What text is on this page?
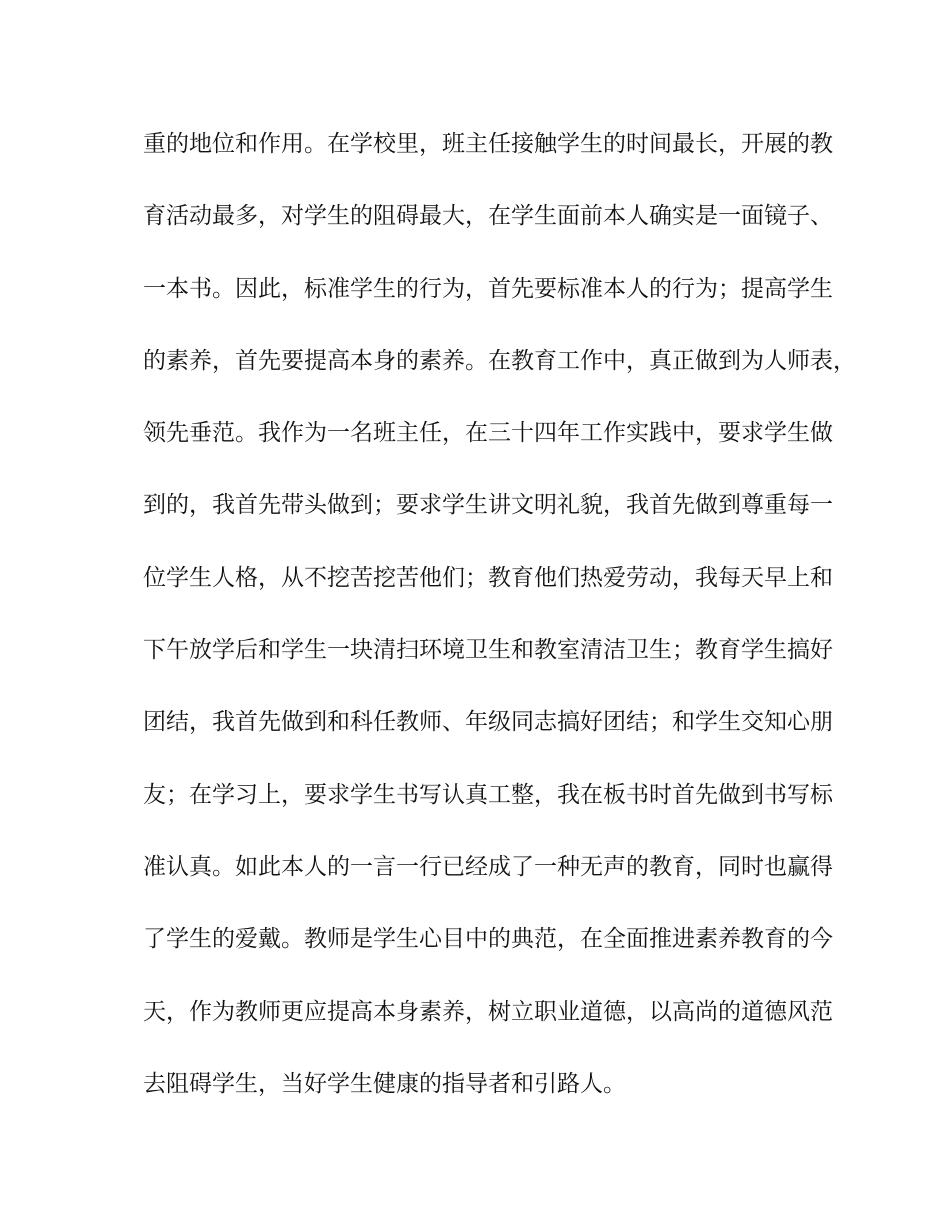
重的地位和作用。在学校里，班主任接触学生的时间最长，开展的教
育活动最多，对学生的阻碍最大，在学生面前本人确实是一面镜子、
一本书。因此，标准学生的行为，首先要标准本人的行为；提高学生
的素养，首先要提高本身的素养。在教育工作中，真正做到为人师表，
领先垂范。我作为一名班主任，在三十四年工作实践中，要求学生做
到的，我首先带头做到；要求学生讲文明礼貌，我首先做到尊重每一
位学生人格，从不挖苦挖苦他们；教育他们热爱劳动，我每天早上和
下午放学后和学生一块清扫环境卫生和教室清洁卫生；教育学生搞好
团结，我首先做到和科任教师、年级同志搞好团结；和学生交知心朋
友；在学习上，要求学生书写认真工整，我在板书时首先做到书写标
准认真。如此本人的一言一行已经成了一种无声的教育，同时也赢得
了学生的爱戴。教师是学生心目中的典范，在全面推进素养教育的今
天，作为教师更应提高本身素养，树立职业道德，以高尚的道德风范
去阻碍学生，当好学生健康的指导者和引路人。
